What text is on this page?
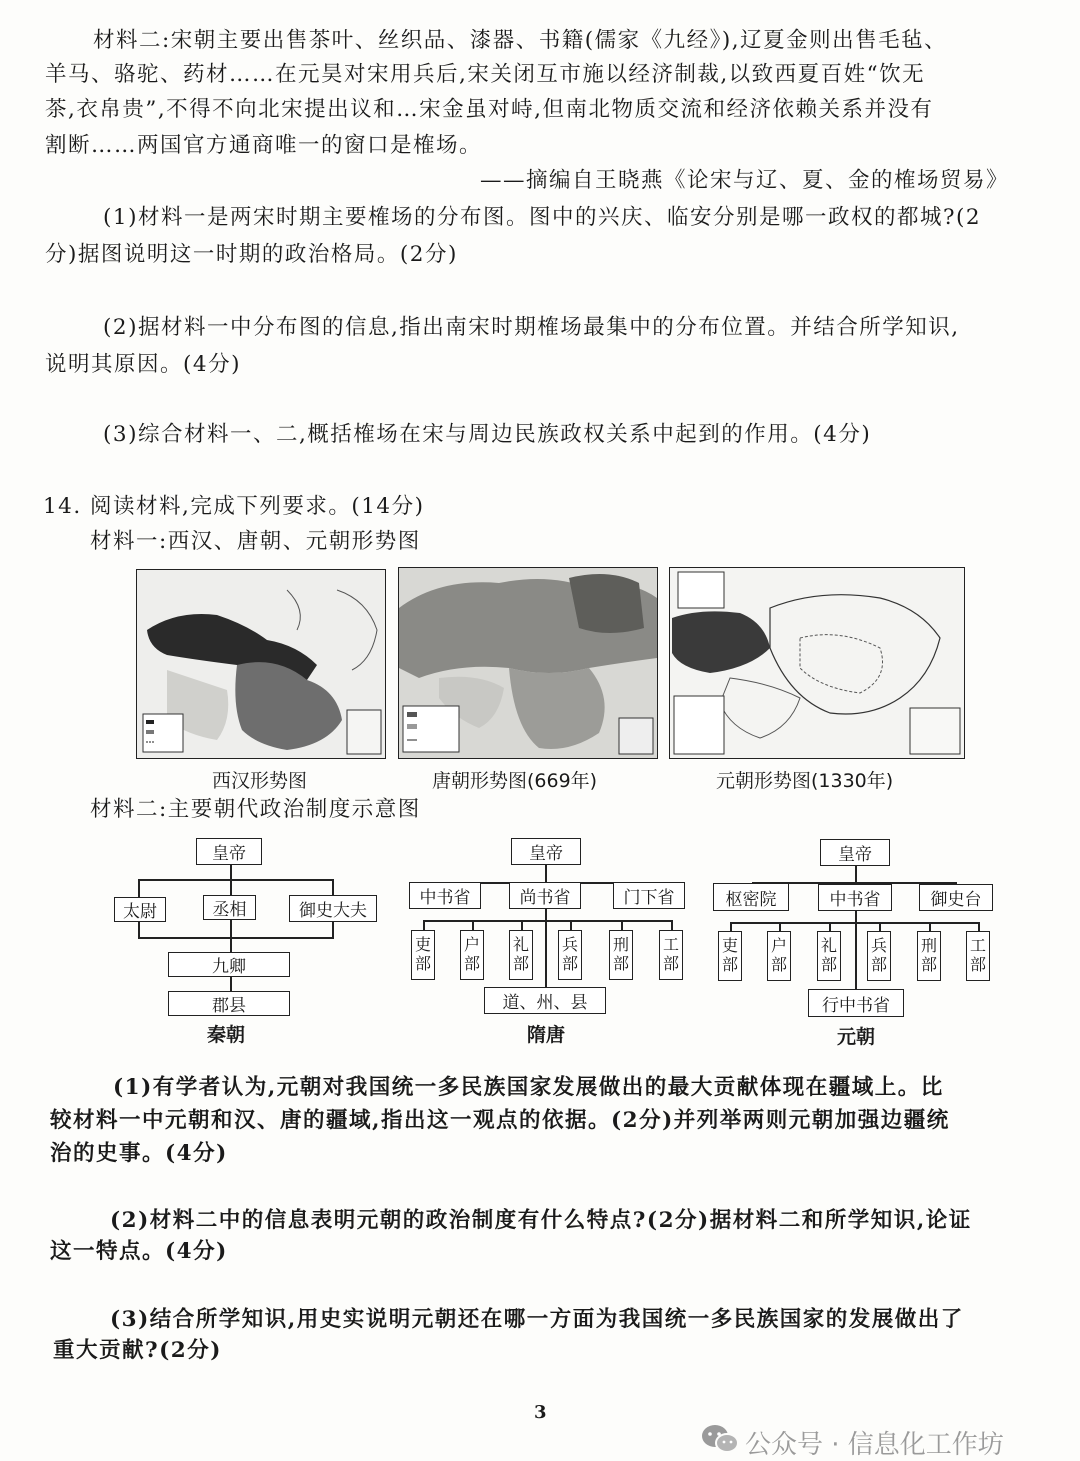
材料二:宋朝主要出售茶叶、丝织品、漆器、书籍(儒家《九经》),辽夏金则出售毛毡、
羊马、骆驼、药材……在元昊对宋用兵后,宋关闭互市施以经济制裁,以致西夏百姓“饮无
茶,衣帛贵”,不得不向北宋提出议和…宋金虽对峙,但南北物质交流和经济依赖关系并没有
割断……两国官方通商唯一的窗口是榷场。
——摘编自王晓燕《论宋与辽、夏、金的榷场贸易》
(1)材料一是两宋时期主要榷场的分布图。图中的兴庆、临安分别是哪一政权的都城?(2
分)据图说明这一时期的政治格局。(2分)
(2)据材料一中分布图的信息,指出南宋时期榷场最集中的分布位置。并结合所学知识,
说明其原因。(4分)
(3)综合材料一、二,概括榷场在宋与周边民族政权关系中起到的作用。(4分)
14. 阅读材料,完成下列要求。(14分)
材料一:西汉、唐朝、元朝形势图
西汉形势图	唐朝形势图(669年)	元朝形势图(1330年)
材料二:主要朝代政治制度示意图
皇帝
太尉	丞相	御史大夫
九卿
郡县
秦朝
皇帝
中书省	尚书省	门下省
吏部
户部
礼部
兵部
刑部
工部
道、州、县
隋唐
皇帝
枢密院	中书省	御史台
吏部
户部
礼部
兵部
刑部
工部
行中书省
元朝
(1)有学者认为,元朝对我国统一多民族国家发展做出的最大贡献体现在疆域上。比
较材料一中元朝和汉、唐的疆域,指出这一观点的依据。(2分)并列举两则元朝加强边疆统
治的史事。(4分)
(2)材料二中的信息表明元朝的政治制度有什么特点?(2分)据材料二和所学知识,论证
这一特点。(4分)
(3)结合所学知识,用史实说明元朝还在哪一方面为我国统一多民族国家的发展做出了
重大贡献?(2分)
3
公众号 · 信息化工作坊
